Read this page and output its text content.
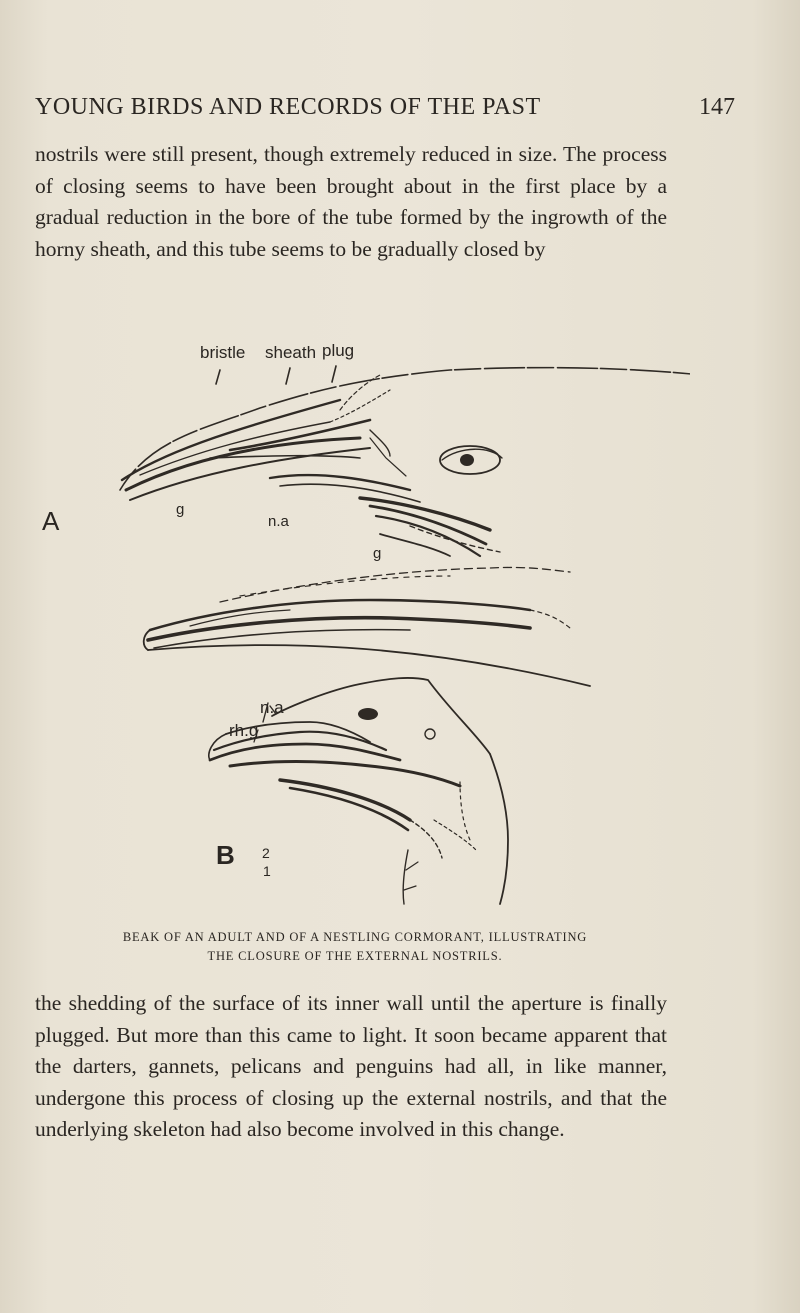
YOUNG BIRDS AND RECORDS OF THE PAST	147

nostrils were still present, though extremely reduced in size. The process of closing seems to have been brought about in the first place by a gradual reduction in the bore of the tube formed by the ingrowth of the horny sheath, and this tube seems to be gradually closed by

bristle sheath plug
A	g
n.a
g
n.a
rh.g
B 2
1
BEAK OF AN ADULT AND OF A NESTLING CORMORANT, ILLUSTRATING
THE CLOSURE OF THE EXTERNAL NOSTRILS.

the shedding of the surface of its inner wall until the aperture is finally plugged. But more than this came to light. It soon became apparent that the darters, gannets, pelicans and penguins had all, in like manner, undergone this process of closing up the external nostrils, and that the underlying skeleton had also become involved in this change.
